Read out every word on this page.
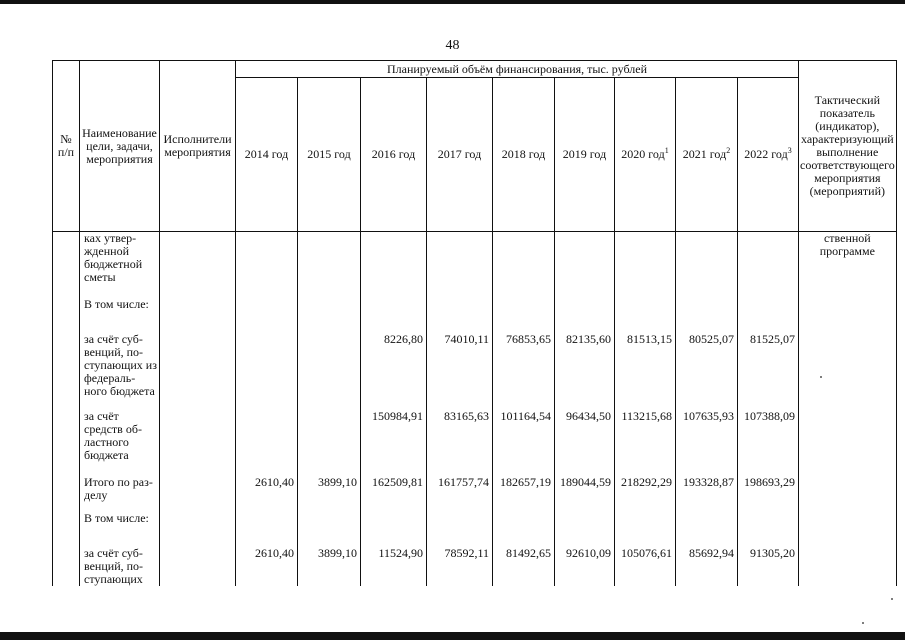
48
№ п/п	Наименование цели, задачи, мероприятия	Исполнители мероприятия	Планируемый объём финансирования, тыс. рублей									Тактический показатель (индикатор), характеризующий выполнение соответствующего мероприятия (мероприятий)
			2014 год	2015 год	2016 год	2017 год	2018 год	2019 год	2020 год$^1$	2021 год$^2$	2022 год$^3$
	ках утвер-жденной бюджетной сметы											ственной программе
	В том числе:											
	за счёт суб-венций, по-ступающих из федераль-ного бюджета				8226,80	74010,11	76853,65	82135,60	81513,15	80525,07	81525,07	
	за счёт средств об-ластного бюджета				150984,91	83165,63	101164,54	96434,50	113215,68	107635,93	107388,09	
	Итого по раз-делу		2610,40	3899,10	162509,81	161757,74	182657,19	189044,59	218292,29	193328,87	198693,29	
	В том числе:											
	за счёт суб-венций, по-ступающих		2610,40	3899,10	11524,90	78592,11	81492,65	92610,09	105076,61	85692,94	91305,20	
